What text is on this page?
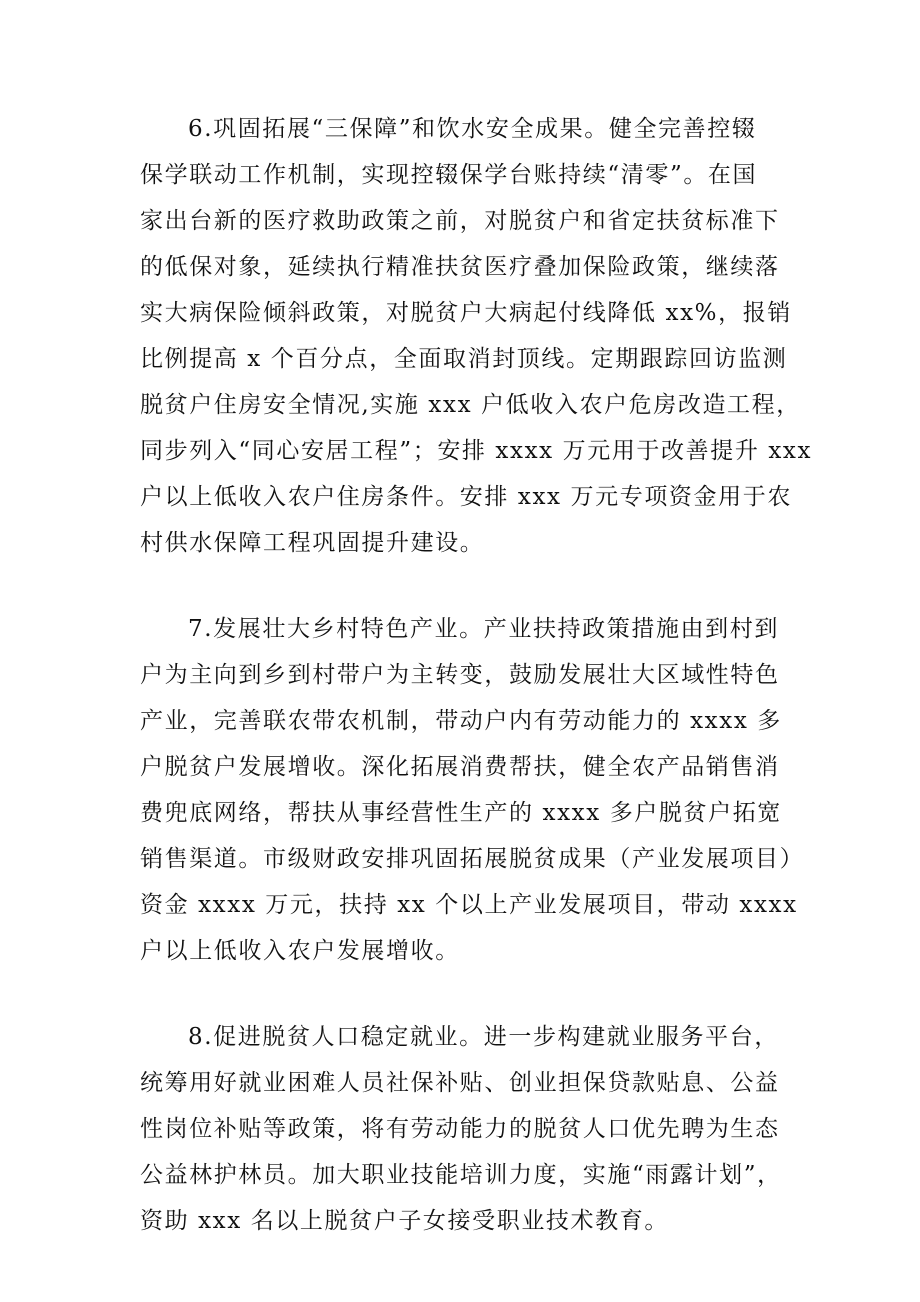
6.巩固拓展“三保障”和饮水安全成果。健全完善控辍
保学联动工作机制，实现控辍保学台账持续“清零”。在国
家出台新的医疗救助政策之前，对脱贫户和省定扶贫标准下
的低保对象，延续执行精准扶贫医疗叠加保险政策，继续落
实大病保险倾斜政策，对脱贫户大病起付线降低 xx%，报销
比例提高 x 个百分点，全面取消封顶线。定期跟踪回访监测
脱贫户住房安全情况,实施 xxx 户低收入农户危房改造工程，
同步列入“同心安居工程”；安排 xxxx 万元用于改善提升 xxx
户以上低收入农户住房条件。安排 xxx 万元专项资金用于农
村供水保障工程巩固提升建设。
7.发展壮大乡村特色产业。产业扶持政策措施由到村到
户为主向到乡到村带户为主转变，鼓励发展壮大区域性特色
产业，完善联农带农机制，带动户内有劳动能力的 xxxx 多
户脱贫户发展增收。深化拓展消费帮扶，健全农产品销售消
费兜底网络，帮扶从事经营性生产的 xxxx 多户脱贫户拓宽
销售渠道。市级财政安排巩固拓展脱贫成果（产业发展项目）
资金 xxxx 万元，扶持 xx 个以上产业发展项目，带动 xxxx
户以上低收入农户发展增收。
8.促进脱贫人口稳定就业。进一步构建就业服务平台，
统筹用好就业困难人员社保补贴、创业担保贷款贴息、公益
性岗位补贴等政策，将有劳动能力的脱贫人口优先聘为生态
公益林护林员。加大职业技能培训力度，实施“雨露计划”，
资助 xxx 名以上脱贫户子女接受职业技术教育。
